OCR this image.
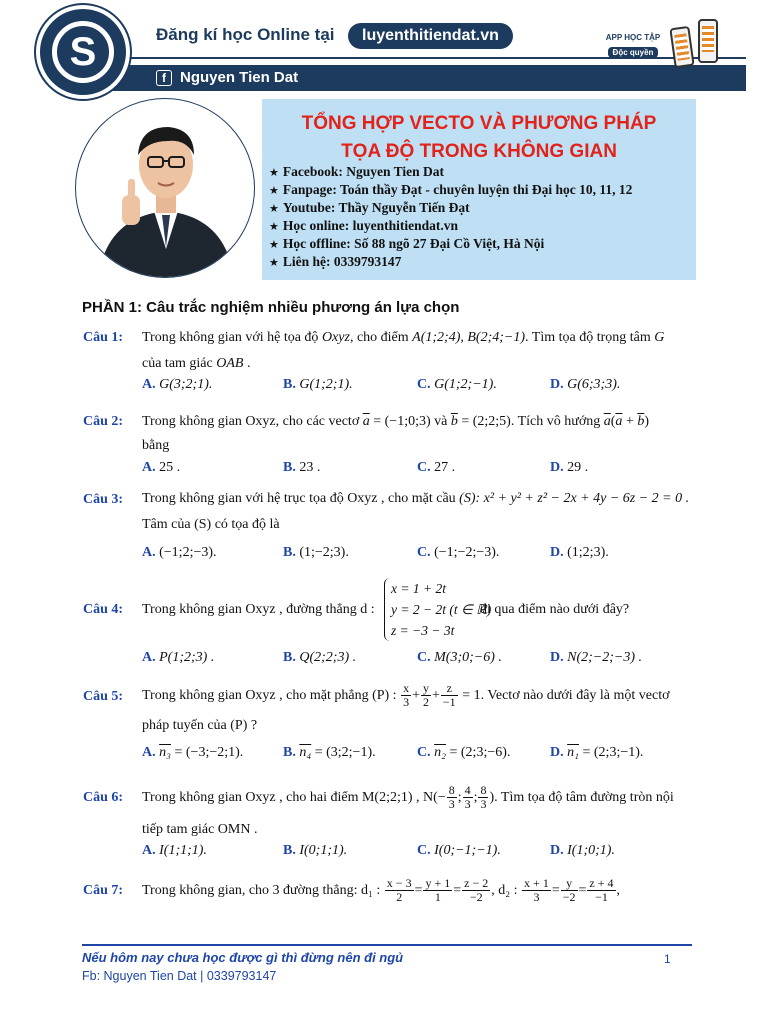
S	Đăng kí học Online tại	luyenthitiendat.vn
f Nguyen Tien Dat
APP HỌC TẬP
Độc quyền
TỔNG HỢP VECTO VÀ PHƯƠNG PHÁP
TỌA ĐỘ TRONG KHÔNG GIAN
★ Facebook: Nguyen Tien Dat
★ Fanpage: Toán thầy Đạt - chuyên luyện thi Đại học 10, 11, 12
★ Youtube: Thầy Nguyễn Tiến Đạt
★ Học online: luyenthitiendat.vn
★ Học offline: Số 88 ngõ 27 Đại Cồ Việt, Hà Nội
★ Liên hệ: 0339793147
PHẦN 1: Câu trắc nghiệm nhiều phương án lựa chọn
Câu 1: Trong không gian với hệ tọa độ Oxyz, cho điểm A(1;2;4), B(2;4;−1). Tìm tọa độ trọng tâm G
của tam giác OAB .
A. G(3;2;1).	B. G(1;2;1).	C. G(1;2;−1).	D. G(6;3;3).
Câu 2: Trong không gian Oxyz, cho các vectơ $\overline{a}$ = (−1;0;3) và $\overline{b}$ = (2;2;5). Tích vô hướng $\overline{a}(\overline{a} + \overline{b})$
bằng
A. 25 .	B. 23 .	C. 27 .	D. 29 .
Câu 3: Trong không gian với hệ trục tọa độ Oxyz , cho mặt cầu (S): x² + y² + z² − 2x + 4y − 6z − 2 = 0 .
Tâm của (S) có tọa độ là
A. (−1;2;−3).	B. (1;−2;3).	C. (−1;−2;−3).	D. (1;2;3).
Câu 4: Trong không gian Oxyz , đường thẳng d :
x = 1 + 2t
y = 2 − 2t (t ∈ ℝ)
z = −3 − 3t
đi qua điểm nào dưới đây?
A. P(1;2;3) .	B. Q(2;2;3) .	C. M(3;0;−6) .	D. N(2;−2;−3) .
Câu 5: Trong không gian Oxyz , cho mặt phẳng (P) : $\frac{x}{3} + \frac{y}{2} + \frac{z}{-1} = 1$. Vectơ nào dưới đây là một vectơ
pháp tuyến của (P) ?
A. n₃ = (−3;−2;1).	B. n₄ = (3;2;−1).	C. n₂ = (2;3;−6).	D. n₁ = (2;3;−1).
Câu 6: Trong không gian Oxyz , cho hai điểm M(2;2;1) , $N(- \frac{8}{3}$ ; $\frac{4}{3}$ ; $\frac{8}{3}$ ). Tìm tọa độ tâm đường tròn nội
tiếp tam giác OMN .
A. I(1;1;1).	B. I(0;1;1).	C. I(0;−1;−1).	D. I(1;0;1).
Câu 7: Trong không gian, cho 3 đường thẳng: d₁ : $\frac{x - 3}{2} = \frac{y + 1}{1} = \frac{z - 2}{-2}$ , d₂ : $\frac{x + 1}{3} = \frac{y}{-2} = \frac{z + 4}{-1}$ ,
Nếu hôm nay chưa học được gì thì đừng nên đi ngủ
Fb: Nguyen Tien Dat | 0339793147
1
